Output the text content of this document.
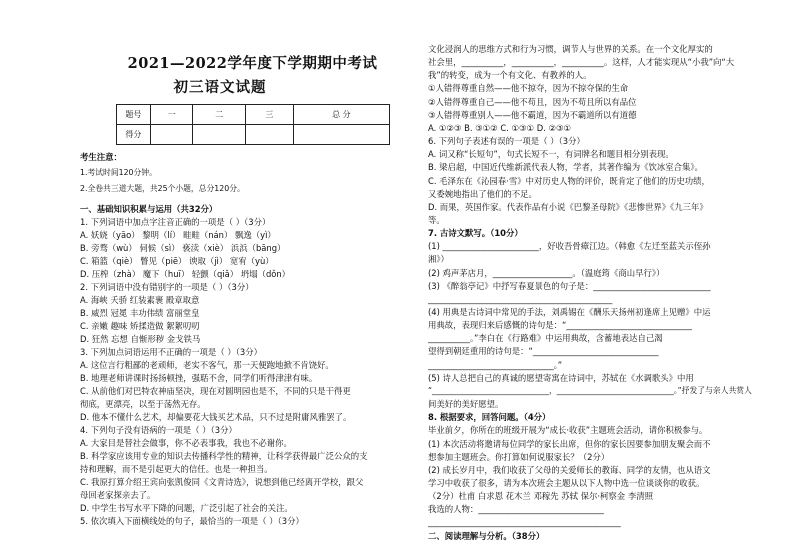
2021—2022学年度下学期期中考试
初三语文试题
题号	一	二	三	总 分
得分				
考生注意：
1.考试时间120分钟。
2.全卷共三道大题，共25个小题，总分120分。
一、基础知识积累与运用（共32分）
1. 下列词语中加点字注音正确的一项是（ ）（3分）
A. 妖娆（yāo） 黎明（lí） 畦畦（nán） 飘逸（yì）
B. 旁骛（wù） 伺候（sì） 亵渎（xiè） 浜浜（bāng）
C. 箱篮（qiè） 瞥见（piē） 谀取（jì） 宽宥（yù）
D. 压榨（zhà） 魔下（huī） 轻颤（qiǎ） 坍塌（dǒn）
2. 下列词语中没有错别字的一项是（ ）（3分）
A. 海峡 夭骄 红装素裹 殿章取意
B. 威烈 冠冕 丰功伟绩 富丽堂皇
C. 亲嫩 趣味 矫揉造做 絮絮叨叨
D. 狂然 忘想 自惭形秽 金戈铁马
3. 下列加点词语运用不正确的一项是（ ）（3分）
A. 这位言行粗鄙的老顽师，老实不客气，那一天便跑地掀不肯饶好。
B. 地理老师讲课时扬扬顿挫，强聒不舍，同学们听得津津有味。
C. 从前他们对巴特农神庙坚决，现在对圆明园也是不，不同的只是干得更
彻底，更漂亮，以至于荡然无存。
D. 他本不懂什么艺术，却偏要花大钱买艺术品，只不过是附庸风雅罢了。
4. 下列句子没有语病的一项是（ ）（3分）
A. 大家目是替社会做事，你不必表事我，我也不必谢你。
B. 科学家应该用专业的知识去传播科学性的精神，让科学获得最广泛公众的支
持和理解，而不是引起更大的信任。也是一种担当。
C. 我原打算介绍王宾向张凯俊同《文青诗选》，说想到他已经离开学校，跟父
母回老家探亲去了。
D. 中学生书写水平下降的问题，广泛引起了社会的关注。
5. 依次填入下面横线处的句子，最恰当的一项是（ ）（3分）
文化浸润人的思维方式和行为习惯，调节人与世界的关系。在一个文化厚实的
社会里，__________，__________，__________。这样，人才能实现从“小我”向“大
我”的转变，成为一个有文化、有教养的人。
①人错得尊重自然——他不掠夺，因为不掠夺保的生命
②人错得尊重自己——他不苟且，因为不苟且所以有品位
③人错得尊重别人——他不霸道，因为不霸道所以有道德
A. ①②③ B. ③①② C. ①③① D. ②③①
6. 下列句子表述有误的一项是（ ）（3分）
A. 词又称“长短句”，句式长短不一，有词牌名和题目相分别表现。
B. 梁启超，中国近代维新派代表人物，学者，其著作编为《饮冰室合集》。
C. 毛泽东在《沁园春·雪》中对历史人物的评价，既肯定了他们的历史功绩，
又委婉地指出了他们的不足。
D. 而果，英国作家。代表作品有小说《巴黎圣母院》《悲惨世界》《九三年》
等。
7. 古诗文默写。（10分）
(1) _______________________，好收吾骨瘴江边。（韩愈《左迁至蓝关示侄孙
湘》）
(2) 鸡声茅店月，___________________。（温庭筠《商山早行》）
(3) 《醉翁亭记》中抒写春夏景色的句子是：____________________________
____________________________________________
(4) 用典是古诗词中常见的手法，刘禹锡在《酬乐天扬州初逢席上见赠》中运
用典故，表现归来后感慨的诗句是：“______________________________
__________。”李白在《行路难》中运用典故，含蓄地表达自己渴
望得到朝廷重用的诗句是：“______________________________
______________________________。”
(5) 诗人总把自己的真诚的愿望寄寓在诗词中，苏轼在《水调歌头》中用
“______________________________，______________________________。”抒发了与亲人共赏人
间美好的美好愿望。
8. 根据要求，回答问题。（4分）
毕业前夕，你所在的班级开展为“成长·收获”主题班会活动，请你积极参与。
(1) 本次活动将邀请每位同学的家长出席，但你的家长因要参加朋友聚会而不
想参加主题班会。你打算如何说服家长？（2分）
(2) 成长岁月中，我们收获了父母的关爱师长的教诲、同学的友情，也从语文
学习中收获了很多，请为本次班会主题从以下人物中选一位谈谈你的收获。
（2分）杜甫 白求恩 花木兰 邓稼先 苏轼 保尔·柯察金 李清照
我选的人物：______________________________
______________________________________________
二、阅读理解与分析。（38分）
